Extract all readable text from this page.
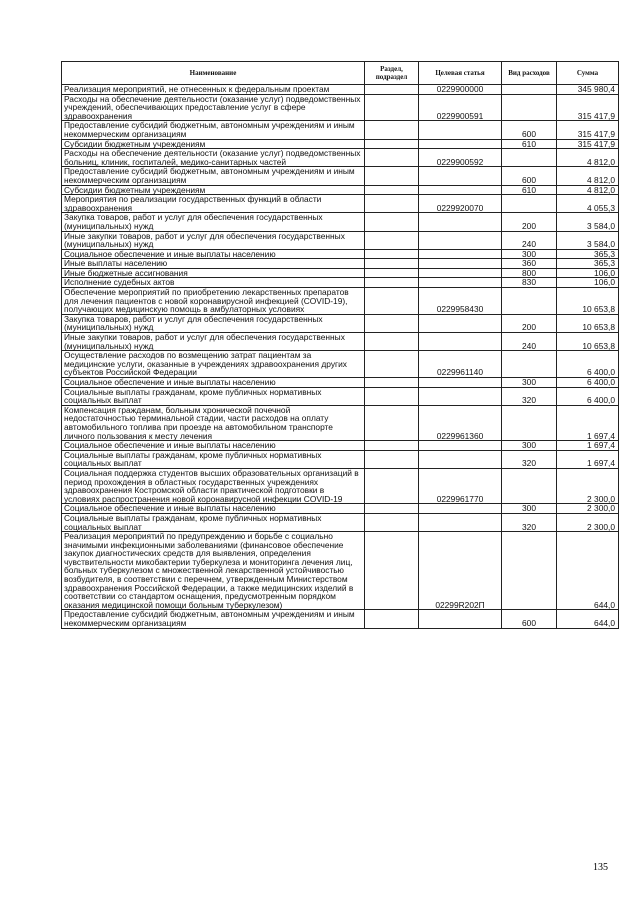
Наименование	Раздел, подраздел	Целевая статья	Вид расходов	Сумма
Реализация мероприятий, не отнесенных к федеральным проектам		0229900000		345 980,4
Расходы на обеспечение деятельности (оказание услуг) подведомственных учреждений, обеспечивающих предоставление услуг в сфере здравоохранения		0229900591		315 417,9
Предоставление субсидий бюджетным, автономным учреждениям и иным некоммерческим организациям			600	315 417,9
Субсидии бюджетным учреждениям			610	315 417,9
Расходы на обеспечение деятельности (оказание услуг) подведомственных больниц, клиник, госпиталей, медико-санитарных частей		0229900592		4 812,0
Предоставление субсидий бюджетным, автономным учреждениям и иным некоммерческим организациям			600	4 812,0
Субсидии бюджетным учреждениям			610	4 812,0
Мероприятия по реализации государственных функций в области здравоохранения		0229920070		4 055,3
Закупка товаров, работ и услуг для обеспечения государственных (муниципальных) нужд			200	3 584,0
Иные закупки товаров, работ и услуг для обеспечения государственных (муниципальных) нужд			240	3 584,0
Социальное обеспечение и иные выплаты населению			300	365,3
Иные выплаты населению			360	365,3
Иные бюджетные ассигнования			800	106,0
Исполнение судебных актов			830	106,0
Обеспечение мероприятий по приобретению лекарственных препаратов для лечения пациентов с новой коронавирусной инфекцией (COVID-19), получающих медицинскую помощь в амбулаторных условиях		0229958430		10 653,8
Закупка товаров, работ и услуг для обеспечения государственных (муниципальных) нужд			200	10 653,8
Иные закупки товаров, работ и услуг для обеспечения государственных (муниципальных) нужд			240	10 653,8
Осуществление расходов по возмещению затрат пациентам за медицинские услуги, оказанные в учреждениях здравоохранения других субъектов Российской Федерации		0229961140		6 400,0
Социальное обеспечение и иные выплаты населению			300	6 400,0
Социальные выплаты гражданам, кроме публичных нормативных социальных выплат			320	6 400,0
Компенсация гражданам, больным хронической почечной недостаточностью терминальной стадии, части расходов на оплату автомобильного топлива при проезде на автомобильном транспорте личного пользования к месту лечения		0229961360		1 697,4
Социальное обеспечение и иные выплаты населению			300	1 697,4
Социальные выплаты гражданам, кроме публичных нормативных социальных выплат			320	1 697,4
Социальная поддержка студентов высших образовательных организаций в период прохождения в областных государственных учреждениях здравоохранения Костромской области практической подготовки в условиях распространения новой коронавирусной инфекции COVID-19		0229961770		2 300,0
Социальное обеспечение и иные выплаты населению			300	2 300,0
Социальные выплаты гражданам, кроме публичных нормативных социальных выплат			320	2 300,0
Реализация мероприятий по предупреждению и борьбе с социально значимыми инфекционными заболеваниями (финансовое обеспечение закупок диагностических средств для выявления, определения чувствительности микобактерии туберкулеза и мониторинга лечения лиц, больных туберкулезом с множественной лекарственной устойчивостью возбудителя, в соответствии с перечнем, утвержденным Министерством здравоохранения Российской Федерации, а также медицинских изделий в соответствии со стандартом оснащения, предусмотренным порядком оказания медицинской помощи больным туберкулезом)		02299R202П		644,0
Предоставление субсидий бюджетным, автономным учреждениям и иным некоммерческим организациям			600	644,0
135
